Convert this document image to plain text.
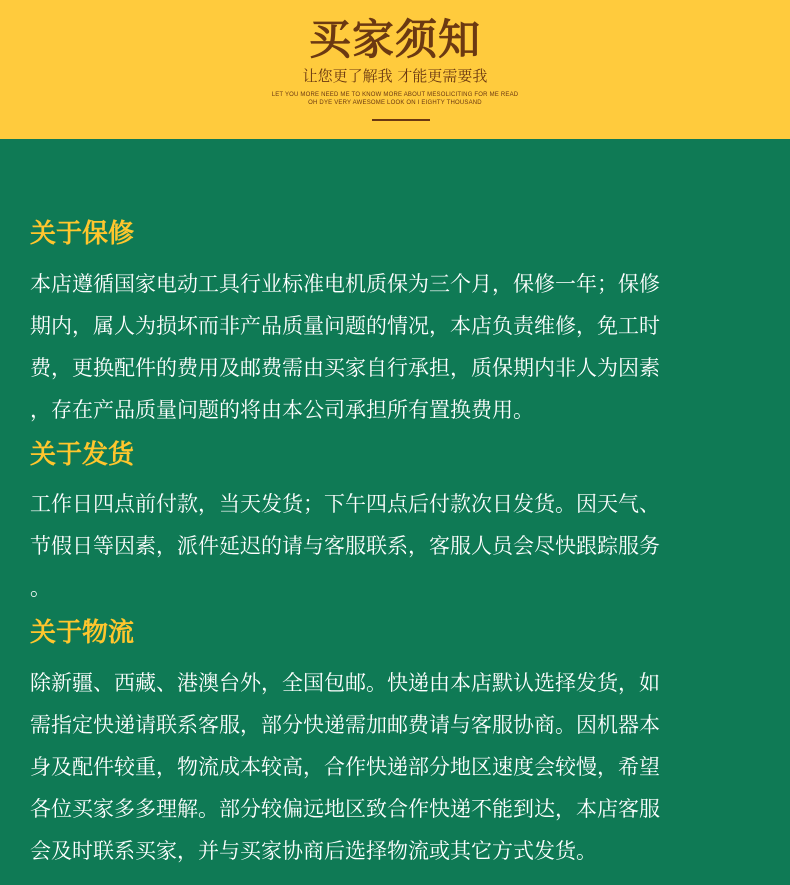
买家须知
让您更了解我 才能更需要我
LET YOU MORE NEED ME TO KNOW MORE ABOUT MESOLICITING FOR ME READ
OH DYE VERY AWESOME LOOK ON I EIGHTY THOUSAND
关于保修
本店遵循国家电动工具行业标准电机质保为三个月，保修一年；保修
期内，属人为损坏而非产品质量问题的情况，本店负责维修，免工时
费，更换配件的费用及邮费需由买家自行承担，质保期内非人为因素
，存在产品质量问题的将由本公司承担所有置换费用。
关于发货
工作日四点前付款，当天发货；下午四点后付款次日发货。因天气、
节假日等因素，派件延迟的请与客服联系，客服人员会尽快跟踪服务
。
关于物流
除新疆、西藏、港澳台外，全国包邮。快递由本店默认选择发货，如
需指定快递请联系客服，部分快递需加邮费请与客服协商。因机器本
身及配件较重，物流成本较高，合作快递部分地区速度会较慢，希望
各位买家多多理解。部分较偏远地区致合作快递不能到达，本店客服
会及时联系买家，并与买家协商后选择物流或其它方式发货。
